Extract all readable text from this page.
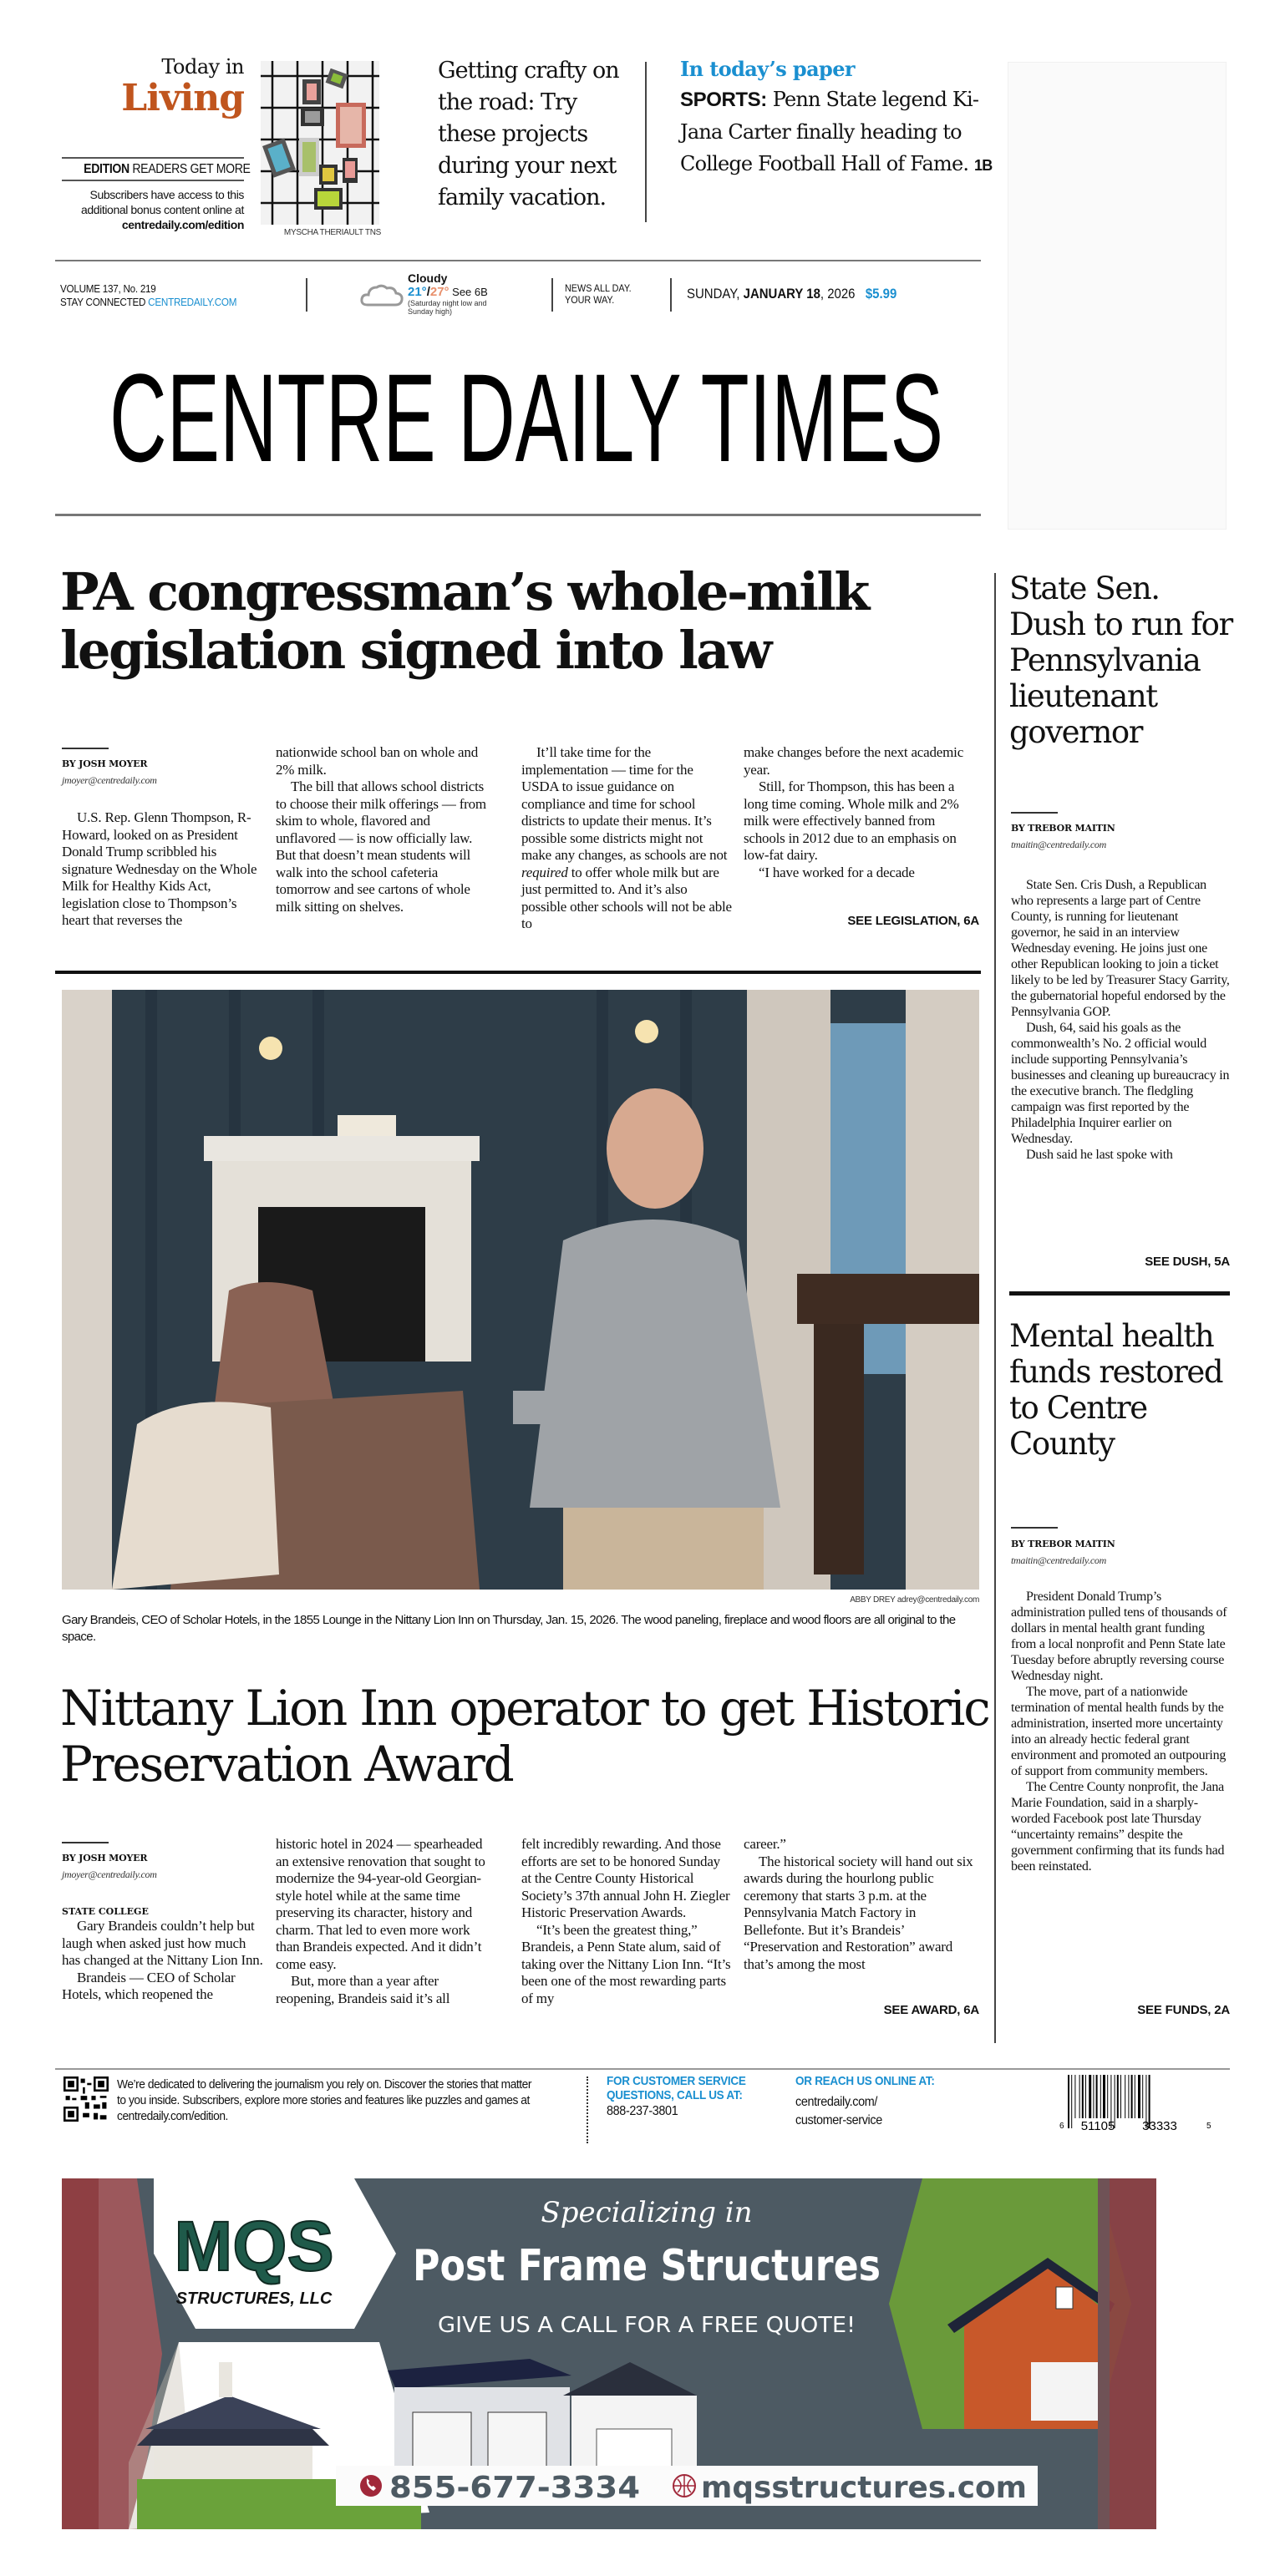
Today in
Living
EDITION READERS GET MORE
Subscribers have access to this additional bonus content online at
centredaily.com/edition
MYSCHA THERIAULT TNS
Getting crafty on the road: Try these projects during your next family vacation.
In today’s paper
SPORTS: Penn State legend Ki-Jana Carter finally heading to College Football Hall of Fame. 1B
VOLUME 137, No. 219
STAY CONNECTED CENTREDAILY.COM
Cloudy
21°/27° See 6B
(Saturday night low and Sunday high)
NEWS ALL DAY.
YOUR WAY.	SUNDAY, JANUARY 18, 2026 $5.99
CENTRE DAILY TIMES
PA congressman’s whole-milk legislation signed into law
BY JOSH MOYER
jmoyer@centredaily.com

U.S. Rep. Glenn Thompson, R-Howard, looked on as President Donald Trump scribbled his signature Wednesday on the Whole Milk for Healthy Kids Act, legislation close to Thompson’s heart that reverses the

nationwide school ban on whole and 2% milk.

The bill that allows school districts to choose their milk offerings — from skim to whole, flavored and unflavored — is now officially law. But that doesn’t mean students will walk into the school cafeteria tomorrow and see cartons of whole milk sitting on shelves.

It’ll take time for the implementation — time for the USDA to issue guidance on compliance and time for school districts to update their menus. It’s possible some districts might not make any changes, as schools are not required to offer whole milk but are just permitted to. And it’s also possible other schools will not be able to

make changes before the next academic year.

Still, for Thompson, this has been a long time coming. Whole milk and 2% milk were effectively banned from schools in 2012 due to an emphasis on low-fat dairy.

“I have worked for a decade

SEE LEGISLATION, 6A
ABBY DREY adrey@centredaily.com
Gary Brandeis, CEO of Scholar Hotels, in the 1855 Lounge in the Nittany Lion Inn on Thursday, Jan. 15, 2026. The wood paneling, fireplace and wood floors are all original to the space.
Nittany Lion Inn operator to get Historic Preservation Award
BY JOSH MOYER
jmoyer@centredaily.com
STATE COLLEGE

Gary Brandeis couldn’t help but laugh when asked just how much has changed at the Nittany Lion Inn.

Brandeis — CEO of Scholar Hotels, which reopened the

historic hotel in 2024 — spearheaded an extensive renovation that sought to modernize the 94-year-old Georgian-style hotel while at the same time preserving its character, history and charm. That led to even more work than Brandeis expected. And it didn’t come easy.

But, more than a year after reopening, Brandeis said it’s all

felt incredibly rewarding. And those efforts are set to be honored Sunday at the Centre County Historical Society’s 37th annual John H. Ziegler Historic Preservation Awards.

“It’s been the greatest thing,” Brandeis, a Penn State alum, said of taking over the Nittany Lion Inn. “It’s been one of the most rewarding parts of my

career.”

The historical society will hand out six awards during the hourlong public ceremony that starts 3 p.m. at the Pennsylvania Match Factory in Bellefonte. But it’s Brandeis’ “Preservation and Restoration” award that’s among the most

SEE AWARD, 6A
State Sen. Dush to run for Pennsylvania lieutenant governor
BY TREBOR MAITIN
tmaitin@centredaily.com

State Sen. Cris Dush, a Republican who represents a large part of Centre County, is running for lieutenant governor, he said in an interview Wednesday evening. He joins just one other Republican looking to join a ticket likely to be led by Treasurer Stacy Garrity, the gubernatorial hopeful endorsed by the Pennsylvania GOP.

Dush, 64, said his goals as the commonwealth’s No. 2 official would include supporting Pennsylvania’s businesses and cleaning up bureaucracy in the executive branch. The fledgling campaign was first reported by the Philadelphia Inquirer earlier on Wednesday.

Dush said he last spoke with

SEE DUSH, 5A
Mental health funds restored to Centre County
BY TREBOR MAITIN
tmaitin@centredaily.com

President Donald Trump’s administration pulled tens of thousands of dollars in mental health grant funding from a local nonprofit and Penn State late Tuesday before abruptly reversing course Wednesday night.

The move, part of a nationwide termination of mental health funds by the administration, inserted more uncertainty into an already hectic federal grant environment and promoted an outpouring of support from community members.

The Centre County nonprofit, the Jana Marie Foundation, said in a sharply-worded Facebook post late Thursday “uncertainty remains” despite the government confirming that its funds had been reinstated.

SEE FUNDS, 2A
We’re dedicated to delivering the journalism you rely on. Discover the stories that matter to you inside. Subscribers, explore more stories and features like puzzles and games at centredaily.com/edition.
FOR CUSTOMER SERVICE
QUESTIONS, CALL US AT:
888-237-3801
OR REACH US ONLINE AT:
centredaily.com/
customer-service	6 51105 33333	5
MQS
STRUCTURES, LLC
Specializing in
Post Frame Structures
GIVE US A CALL FOR A FREE QUOTE!
855-677-3334 mqsstructures.com
